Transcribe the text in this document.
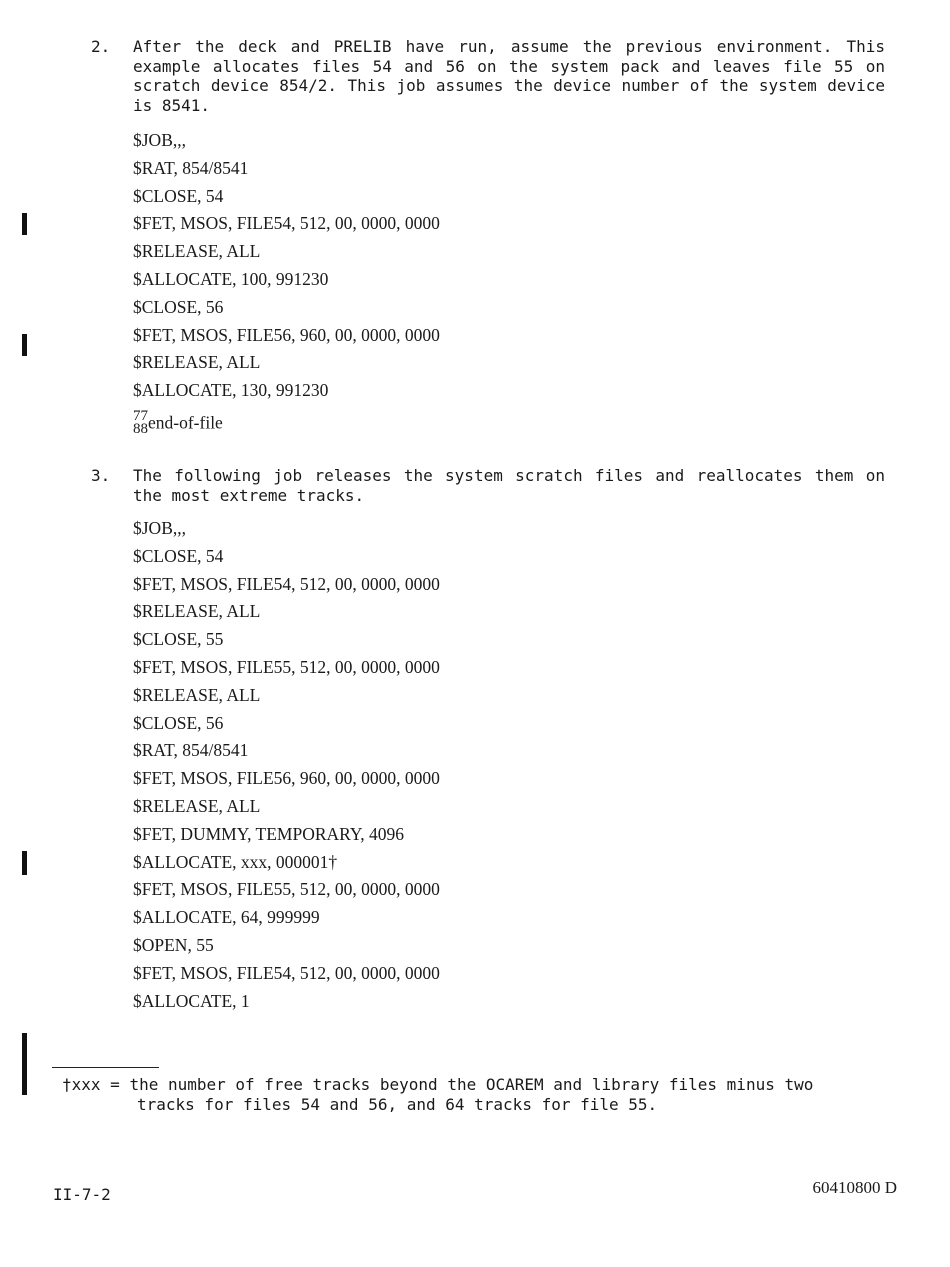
2. After the deck and PRELIB have run, assume the previous environment. This example allocates files 54 and 56 on the system pack and leaves file 55 on scratch device 854/2. This job assumes the device number of the system device is 8541.

$JOB,,,
$RAT, 854/8541
$CLOSE, 54
$FET, MSOS, FILE54, 512, 00, 0000, 0000
$RELEASE, ALL
$ALLOCATE, 100, 991230
$CLOSE, 56
$FET, MSOS, FILE56, 960, 00, 0000, 0000
$RELEASE, ALL
$ALLOCATE, 130, 991230
77
88 end-of-file
3. The following job releases the system scratch files and reallocates them on the most extreme tracks.

$JOB,,,
$CLOSE, 54
$FET, MSOS, FILE54, 512, 00, 0000, 0000
$RELEASE, ALL
$CLOSE, 55
$FET, MSOS, FILE55, 512, 00, 0000, 0000
$RELEASE, ALL
$CLOSE, 56
$RAT, 854/8541
$FET, MSOS, FILE56, 960, 00, 0000, 0000
$RELEASE, ALL
$FET, DUMMY, TEMPORARY, 4096
$ALLOCATE, xxx, 000001†
$FET, MSOS, FILE55, 512, 00, 0000, 0000
$ALLOCATE, 64, 999999
$OPEN, 55
$FET, MSOS, FILE54, 512, 00, 0000, 0000
$ALLOCATE, 1
†xxx = the number of free tracks beyond the OCAREM and library files minus two
tracks for files 54 and 56, and 64 tracks for file 55.
II-7-2	60410800 D
